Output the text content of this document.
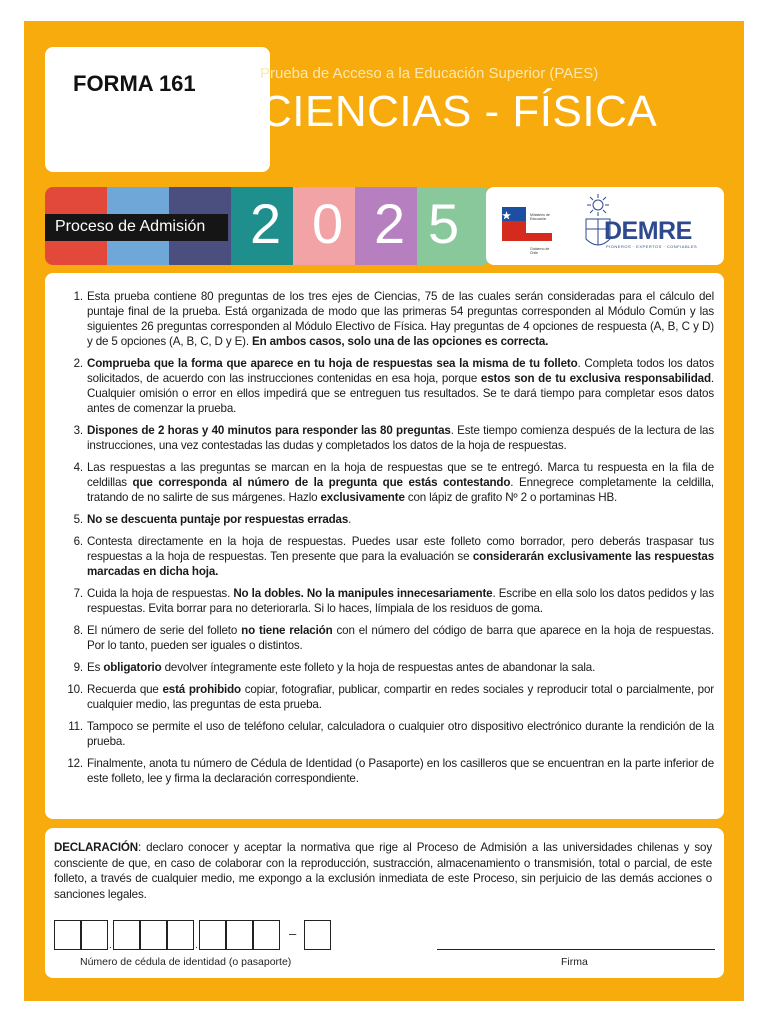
FORMA 161	Prueba de Acceso a la Educación Superior (PAES)
CIENCIAS - FÍSICA
Proceso de Admisión 2 0 2 5	Ministerio de Educación
Gobierno de Chile
DEMRE
PIONEROS · EXPERTOS · CONFIABLES
1. Esta prueba contiene 80 preguntas de los tres ejes de Ciencias, 75 de las cuales serán consideradas para el cálculo del puntaje final de la prueba. Está organizada de modo que las primeras 54 preguntas corresponden al Módulo Común y las siguientes 26 preguntas corresponden al Módulo Electivo de Física. Hay preguntas de 4 opciones de respuesta (A, B, C y D) y de 5 opciones (A, B, C, D y E). En ambos casos, solo una de las opciones es correcta.
2. Comprueba que la forma que aparece en tu hoja de respuestas sea la misma de tu folleto. Completa todos los datos solicitados, de acuerdo con las instrucciones contenidas en esa hoja, porque estos son de tu exclusiva responsabilidad. Cualquier omisión o error en ellos impedirá que se entreguen tus resultados. Se te dará tiempo para completar esos datos antes de comenzar la prueba.
3. Dispones de 2 horas y 40 minutos para responder las 80 preguntas. Este tiempo comienza después de la lectura de las instrucciones, una vez contestadas las dudas y completados los datos de la hoja de respuestas.
4. Las respuestas a las preguntas se marcan en la hoja de respuestas que se te entregó. Marca tu respuesta en la fila de celdillas que corresponda al número de la pregunta que estás contestando. Ennegrece completamente la celdilla, tratando de no salirte de sus márgenes. Hazlo exclusivamente con lápiz de grafito Nº 2 o portaminas HB.
5. No se descuenta puntaje por respuestas erradas.
6. Contesta directamente en la hoja de respuestas. Puedes usar este folleto como borrador, pero deberás traspasar tus respuestas a la hoja de respuestas. Ten presente que para la evaluación se considerarán exclusivamente las respuestas marcadas en dicha hoja.
7. Cuida la hoja de respuestas. No la dobles. No la manipules innecesariamente. Escribe en ella solo los datos pedidos y las respuestas. Evita borrar para no deteriorarla. Si lo haces, límpiala de los residuos de goma.
8. El número de serie del folleto no tiene relación con el número del código de barra que aparece en la hoja de respuestas. Por lo tanto, pueden ser iguales o distintos.
9. Es obligatorio devolver íntegramente este folleto y la hoja de respuestas antes de abandonar la sala.
10. Recuerda que está prohibido copiar, fotografiar, publicar, compartir en redes sociales y reproducir total o parcialmente, por cualquier medio, las preguntas de esta prueba.
11. Tampoco se permite el uso de teléfono celular, calculadora o cualquier otro dispositivo electrónico durante la rendición de la prueba.
12. Finalmente, anota tu número de Cédula de Identidad (o Pasaporte) en los casilleros que se encuentran en la parte inferior de este folleto, lee y firma la declaración correspondiente.

DECLARACIÓN: declaro conocer y aceptar la normativa que rige al Proceso de Admisión a las universidades chilenas y soy consciente de que, en caso de colaborar con la reproducción, sustracción, almacenamiento o transmisión, total o parcial, de este folleto, a través de cualquier medio, me expongo a la exclusión inmediata de este Proceso, sin perjuicio de las demás acciones o sanciones legales.

.	.
–
Número de cédula de identidad (o pasaporte)	Firma
